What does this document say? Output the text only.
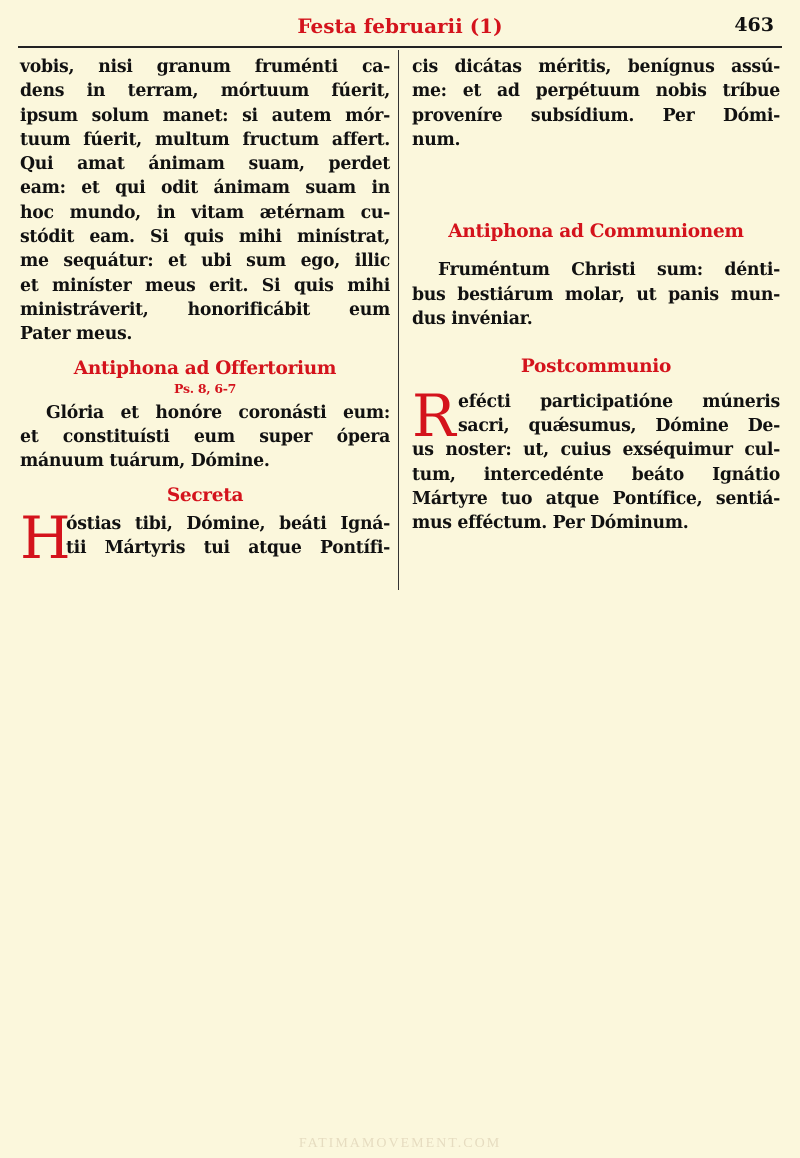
Festa februarii (1)	463
vobis, nisi granum fruménti ca-
dens in terram, mórtuum fúerit,
ipsum solum manet: si autem mór-
tuum fúerit, multum fructum affert.
Qui amat ánimam suam, perdet
eam: et qui odit ánimam suam in
hoc mundo, in vitam ætérnam cu-
stódit eam. Si quis mihi minístrat,
me sequátur: et ubi sum ego, illic
et miníster meus erit. Si quis mihi
ministráverit, honorificábit eum
Pater meus.
Antiphona ad Offertorium
Ps. 8, 6-7
Glória et honóre coronásti eum:
et constituísti eum super ópera
mánuum tuárum, Dómine.
Secreta
H
óstias tibi, Dómine, beáti Igná-
tii Mártyris tui atque Pontífi-
cis dicátas méritis, benígnus assú-
me: et ad perpétuum nobis tríbue
proveníre subsídium. Per Dómi-
num.
Antiphona ad Communionem
Fruméntum Christi sum: dénti-
bus bestiárum molar, ut panis mun-
dus invéniar.
Postcommunio
R efécti participatióne múneris
sacri, quǽsumus, Dómine De-
us noster: ut, cuius exséquimur cul-
tum, intercedénte beáto Ignátio
Mártyre tuo atque Pontífice, sentiá-
mus efféctum. Per Dóminum.
FATIMAMOVEMENT.COM
